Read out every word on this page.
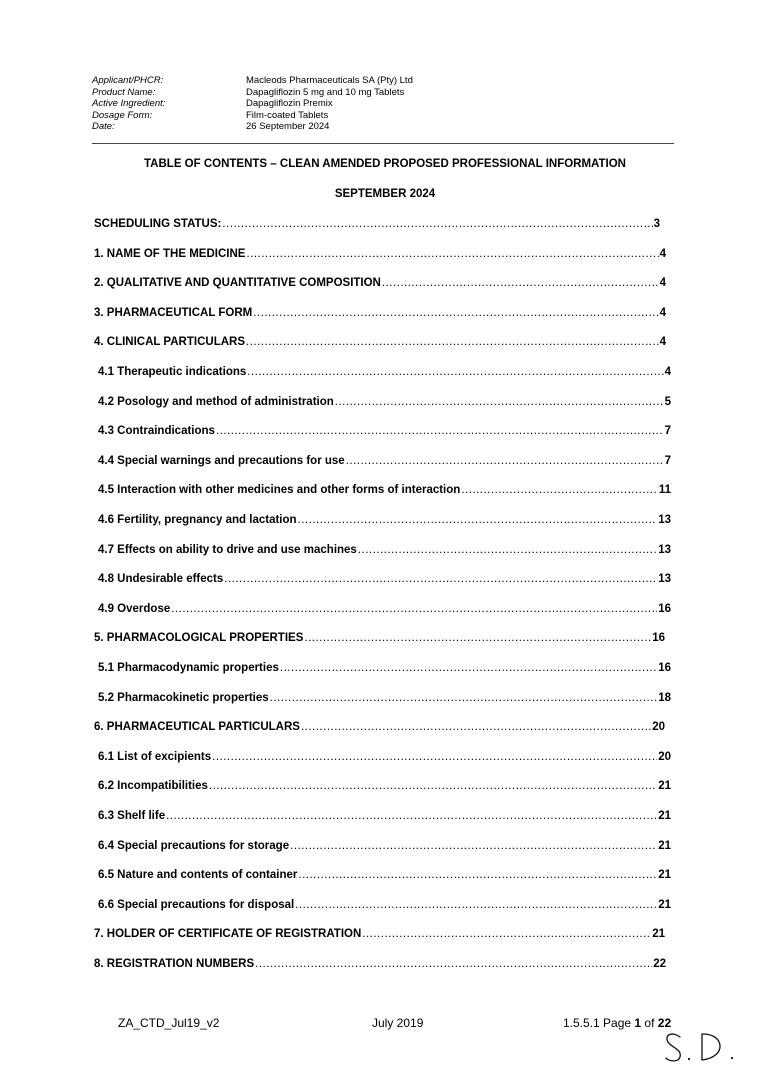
Applicant/PHCR:	Macleods Pharmaceuticals SA (Pty) Ltd
Product Name:	Dapagliflozin 5 mg and 10 mg Tablets
Active Ingredient:	Dapagliflozin Premix
Dosage Form:	Film-coated Tablets
Date:	26 September 2024
TABLE OF CONTENTS – CLEAN AMENDED PROPOSED PROFESSIONAL INFORMATION
SEPTEMBER 2024
SCHEDULING STATUS: .....	3
1. NAME OF THE MEDICINE .....	4
2. QUALITATIVE AND QUANTITATIVE COMPOSITION .....	4
3. PHARMACEUTICAL FORM .....	4
4. CLINICAL PARTICULARS .....	4
4.1 Therapeutic indications .....	4
4.2 Posology and method of administration .....	5
4.3 Contraindications .....	7
4.4 Special warnings and precautions for use .....	7
4.5 Interaction with other medicines and other forms of interaction .....	11
4.6 Fertility, pregnancy and lactation .....	13
4.7 Effects on ability to drive and use machines .....	13
4.8 Undesirable effects .....	13
4.9 Overdose .....	16
5. PHARMACOLOGICAL PROPERTIES .....	16
5.1 Pharmacodynamic properties .....	16
5.2 Pharmacokinetic properties .....	18
6. PHARMACEUTICAL PARTICULARS .....	20
6.1 List of excipients .....	20
6.2 Incompatibilities .....	21
6.3 Shelf life .....	21
6.4 Special precautions for storage .....	21
6.5 Nature and contents of container .....	21
6.6 Special precautions for disposal .....	21
7. HOLDER OF CERTIFICATE OF REGISTRATION .....	21
8. REGISTRATION NUMBERS .....	22
ZA_CTD_Jul19_v2	July 2019	1.5.5.1 Page 1 of 22
